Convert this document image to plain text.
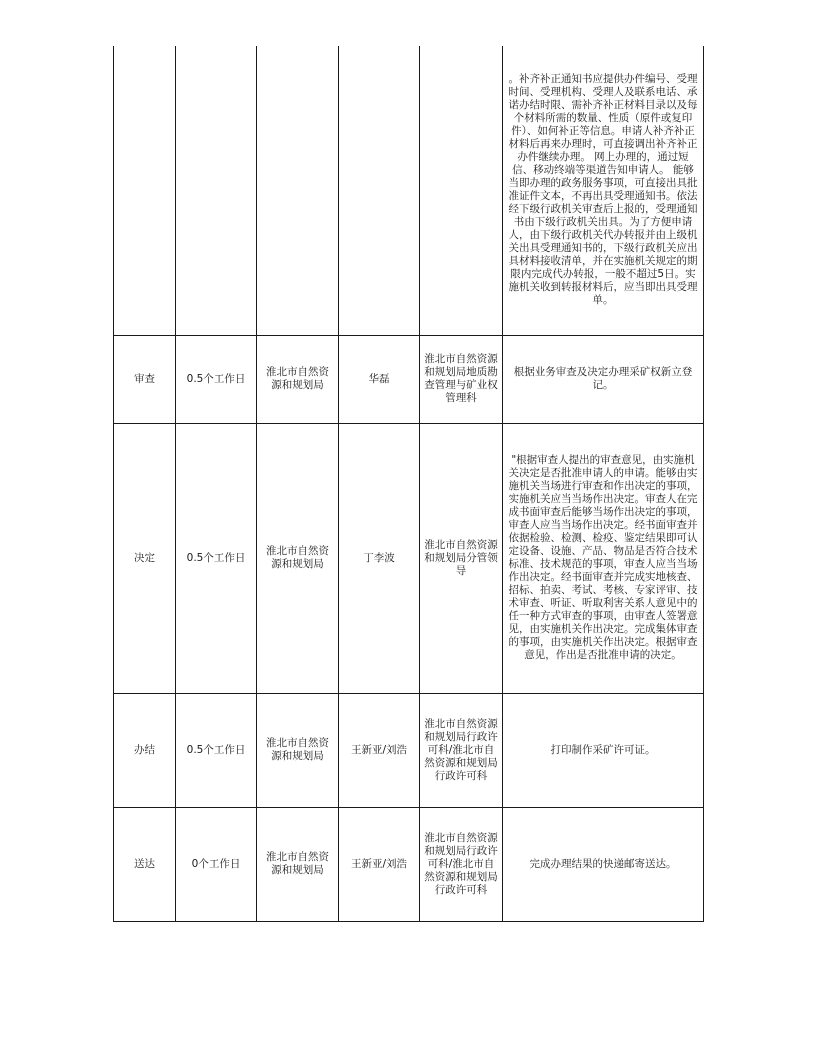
					。补齐补正通知书应提供办件编号、受理时间、受理机构、受理人及联系电话、承诺办结时限、需补齐补正材料目录以及每个材料所需的数量、性质（原件或复印件）、如何补正等信息。申请人补齐补正材料后再来办理时，可直接调出补齐补正办件继续办理。 网上办理的，通过短信、移动终端等渠道告知申请人。 能够当即办理的政务服务事项，可直接出具批准证件文本，不再出具受理通知书。依法经下级行政机关审查后上报的，受理通知书由下级行政机关出具。为了方便申请人，由下级行政机关代办转报并由上级机关出具受理通知书的，下级行政机关应出具材料接收清单，并在实施机关规定的期限内完成代办转报，一般不超过5日。实施机关收到转报材料后，应当即出具受理单。

审查	0.5个工作日	淮北市自然资源和规划局	华磊	淮北市自然资源和规划局地质勘查管理与矿业权管理科	根据业务审查及决定办理采矿权新立登记。

决定	0.5个工作日	淮北市自然资源和规划局	丁李波	淮北市自然资源和规划局分管领导	"根据审查人提出的审查意见，由实施机关决定是否批准申请人的申请。能够由实施机关当场进行审查和作出决定的事项，实施机关应当当场作出决定。审查人在完成书面审查后能够当场作出决定的事项，审查人应当当场作出决定。经书面审查并依据检验、检测、检疫、鉴定结果即可认定设备、设施、产品、物品是否符合技术标准、技术规范的事项，审查人应当当场作出决定。经书面审查并完成实地核查、招标、拍卖、考试、考核、专家评审、技术审查、听证、听取利害关系人意见中的任一种方式审查的事项，由审查人签署意见，由实施机关作出决定。完成集体审查的事项，由实施机关作出决定。根据审查意见，作出是否批准申请的决定。

办结	0.5个工作日	淮北市自然资源和规划局	王新亚/刘浩	淮北市自然资源和规划局行政许可科/淮北市自然资源和规划局行政许可科	打印制作采矿许可证。

送达	0个工作日	淮北市自然资源和规划局	王新亚/刘浩	淮北市自然资源和规划局行政许可科/淮北市自然资源和规划局行政许可科	完成办理结果的快递邮寄送达。
